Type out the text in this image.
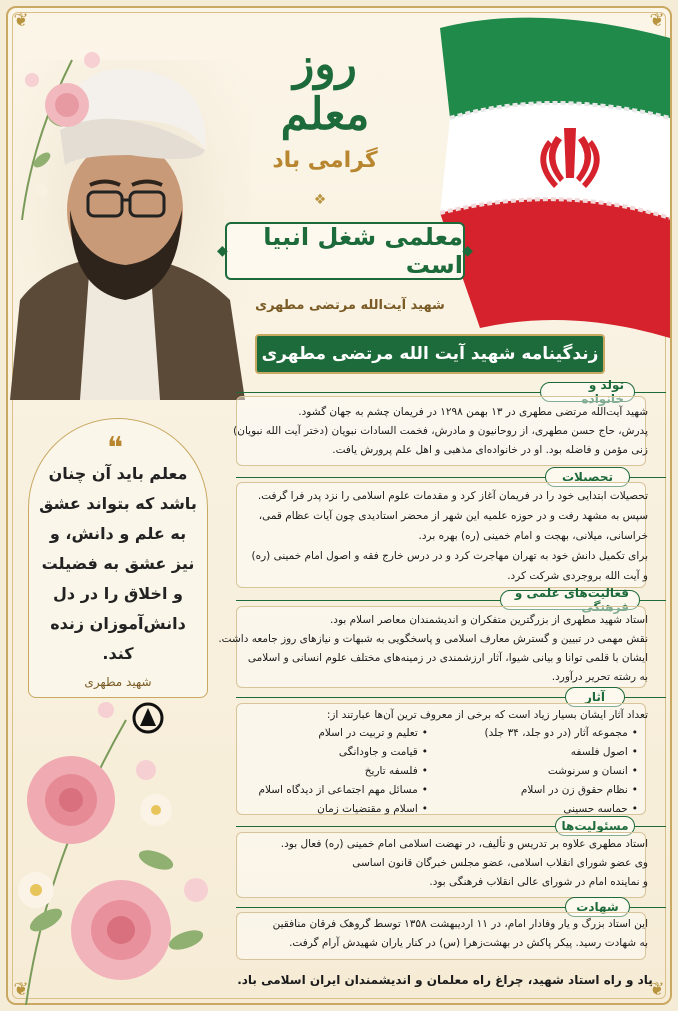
❦	❦
❦	❦
روز معلم
گرامی باد
❖
◆ معلمی شغل انبیا است ◆
شهید آیت‌الله مرتضی مطهری
زندگینامه شهید آیت الله مرتضی مطهری
❝
معلم باید آن چنان باشد که بتواند عشق به علم و دانش، و نیز عشق به فضیلت و اخلاق را در دل دانش‌آموزان زنده کند.
شهید مطهری
تولد و خانواده
شهید آیت‌الله مرتضی مطهری در ۱۳ بهمن ۱۲۹۸ در فریمان چشم به جهان گشود.
پدرش، حاج حسن مطهری، از روحانیون و مادرش، فخمت السادات نبویان (دختر آیت الله نبویان)
زنی مؤمن و فاضله بود. او در خانواده‌ای مذهبی و اهل علم پرورش یافت.
تحصیلات
تحصیلات ابتدایی خود را در فریمان آغاز کرد و مقدمات علوم اسلامی را نزد پدر فرا گرفت.
سپس به مشهد رفت و در حوزه علمیه این شهر از محضر استادیدی چون آیات عظام قمی،
خراسانی، میلانی، بهجت و امام خمینی (ره) بهره برد.
برای تکمیل دانش خود به تهران مهاجرت کرد و در درس خارج فقه و اصول امام خمینی (ره)
و آیت الله بروجردی شرکت کرد.
فعالیت‌های علمی و فرهنگی
استاد شهید مطهری از بزرگترین متفکران و اندیشمندان معاصر اسلام بود.
نقش مهمی در تبیین و گسترش معارف اسلامی و پاسخگویی به شبهات و نیازهای روز جامعه داشت.
ایشان با قلمی توانا و بیانی شیوا، آثار ارزشمندی در زمینه‌های مختلف علوم انسانی و اسلامی
به رشته تحریر درآورد.
آثار
تعداد آثار ایشان بسیار زیاد است که برخی از معروف ترین آن‌ها عبارتند از:
•مجموعه آثار (در دو جلد، ۳۴ جلد)
•اصول فلسفه
•انسان و سرنوشت
•نظام حقوق زن در اسلام
•حماسه حسینی
•تعلیم و تربیت در اسلام
•قیامت و جاودانگی
•فلسفه تاریخ
•مسائل مهم اجتماعی از دیدگاه اسلام
•اسلام و مقتضیات زمان
مسئولیت‌ها
استاد مطهری علاوه بر تدریس و تألیف، در نهضت اسلامی امام خمینی (ره) فعال بود.
وی عضو شورای انقلاب اسلامی، عضو مجلس خبرگان قانون اساسی
و نماینده امام در شورای عالی انقلاب فرهنگی بود.
شهادت
این استاد بزرگ و یار وفادار امام، در ۱۱ اردیبهشت ۱۳۵۸ توسط گروهک فرقان منافقین
به شهادت رسید. پیکر پاکش در بهشت‌زهرا (س) در کنار یاران شهیدش آرام گرفت.
یاد و راه استاد شهید، چراغ راه معلمان و اندیشمندان ایران اسلامی باد.
